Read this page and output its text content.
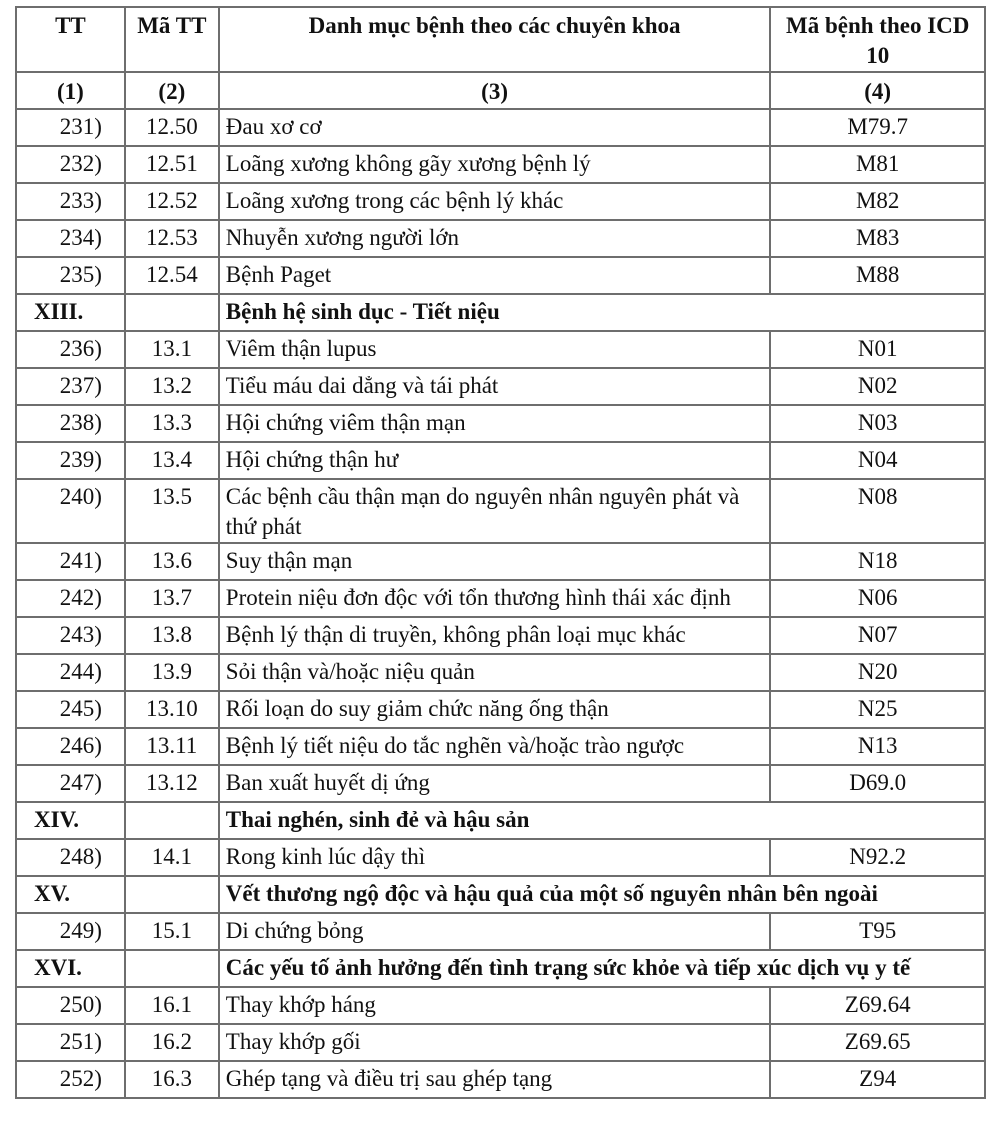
TT	Mã TT	Danh mục bệnh theo các chuyên khoa	Mã bệnh theo ICD 10
(1)	(2)	(3)	(4)
231)	12.50	Đau xơ cơ	M79.7
232)	12.51	Loãng xương không gãy xương bệnh lý	M81
233)	12.52	Loãng xương trong các bệnh lý khác	M82
234)	12.53	Nhuyễn xương người lớn	M83
235)	12.54	Bệnh Paget	M88
XIII.		Bệnh hệ sinh dục - Tiết niệu	
236)	13.1	Viêm thận lupus	N01
237)	13.2	Tiểu máu dai dẳng và tái phát	N02
238)	13.3	Hội chứng viêm thận mạn	N03
239)	13.4	Hội chứng thận hư	N04
240)	13.5	Các bệnh cầu thận mạn do nguyên nhân nguyên phát và thứ phát	N08
241)	13.6	Suy thận mạn	N18
242)	13.7	Protein niệu đơn độc với tổn thương hình thái xác định	N06
243)	13.8	Bệnh lý thận di truyền, không phân loại mục khác	N07
244)	13.9	Sỏi thận và/hoặc niệu quản	N20
245)	13.10	Rối loạn do suy giảm chức năng ống thận	N25
246)	13.11	Bệnh lý tiết niệu do tắc nghẽn và/hoặc trào ngược	N13
247)	13.12	Ban xuất huyết dị ứng	D69.0
XIV.		Thai nghén, sinh đẻ và hậu sản	
248)	14.1	Rong kinh lúc dậy thì	N92.2
XV.		Vết thương ngộ độc và hậu quả của một số nguyên nhân bên ngoài	
249)	15.1	Di chứng bỏng	T95
XVI.		Các yếu tố ảnh hưởng đến tình trạng sức khỏe và tiếp xúc dịch vụ y tế	
250)	16.1	Thay khớp háng	Z69.64
251)	16.2	Thay khớp gối	Z69.65
252)	16.3	Ghép tạng và điều trị sau ghép tạng	Z94
